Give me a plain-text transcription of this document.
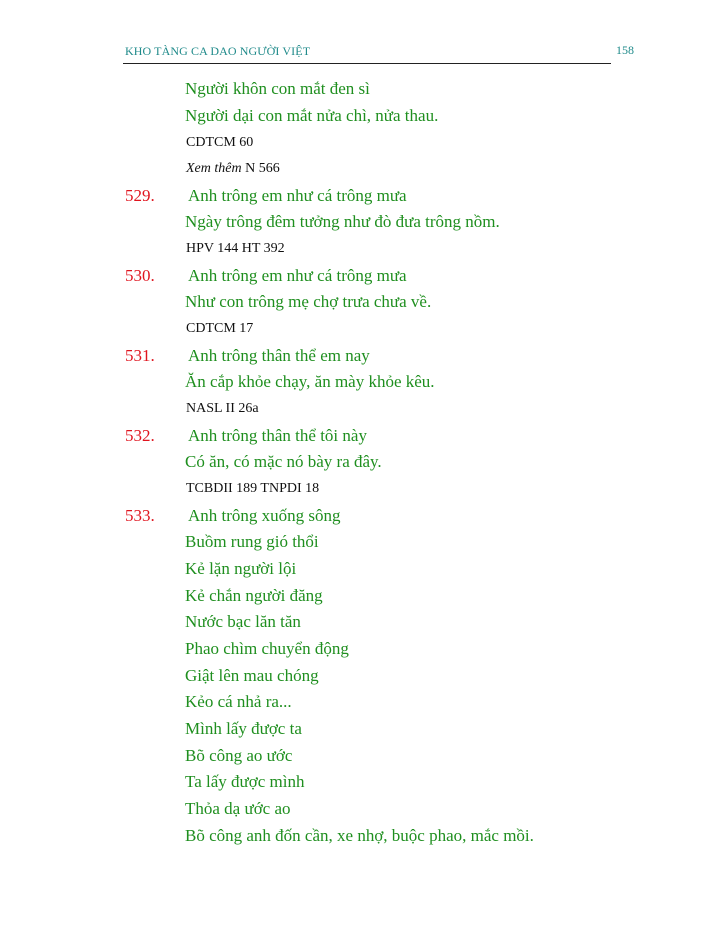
KHO TÀNG CA DAO NGƯỜI VIỆT	158
Người khôn con mắt đen sì
Người dại con mắt nửa chì, nửa thau.
CDTCM 60
Xem thêm N 566
529. Anh trông em như cá trông mưa
Ngày trông đêm tưởng như đò đưa trông nồm.
HPV 144 HT 392
530. Anh trông em như cá trông mưa
Như con trông mẹ chợ trưa chưa về.
CDTCM 17
531. Anh trông thân thể em nay
Ăn cắp khỏe chạy, ăn mày khỏe kêu.
NASL II 26a
532. Anh trông thân thể tôi này
Có ăn, có mặc nó bày ra đây.
TCBDII 189 TNPDI 18
533. Anh trông xuống sông
Buồm rung gió thổi
Kẻ lặn người lội
Kẻ chắn người đăng
Nước bạc lăn tăn
Phao chìm chuyển động
Giật lên mau chóng
Kẻo cá nhả ra...
Mình lấy được ta
Bõ công ao ước
Ta lấy được mình
Thỏa dạ ước ao
Bõ công anh đốn cần, xe nhợ, buộc phao, mắc mồi.
